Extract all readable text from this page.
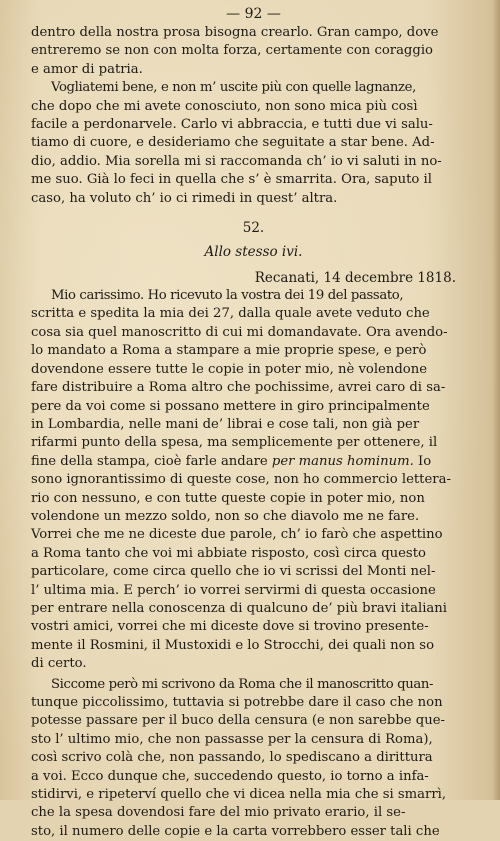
— 92 —
dentro della nostra prosa bisogna crearlo. Gran campo, dove
entreremo se non con molta forza, certamente con coraggio
e amor di patria.
Vogliatemi bene, e non m’ uscite più con quelle lagnanze,
che dopo che mi avete conosciuto, non sono mica più così
facile a perdonarvele. Carlo vi abbraccia, e tutti due vi salu-
tiamo di cuore, e desideriamo che seguitate a star bene. Ad-
dio, addio. Mia sorella mi si raccomanda ch’ io vi saluti in no-
me suo. Già lo feci in quella che s’ è smarrita. Ora, saputo il
caso, ha voluto ch’ io ci rimedi in quest’ altra.
52.
Allo stesso ivi.
Recanati, 14 decembre 1818.
Mio carissimo. Ho ricevuto la vostra dei 19 del passato,
scritta e spedita la mia dei 27, dalla quale avete veduto che
cosa sia quel manoscritto di cui mi domandavate. Ora avendo-
lo mandato a Roma a stampare a mie proprie spese, e però
dovendone essere tutte le copie in poter mio, nè volendone
fare distribuire a Roma altro che pochissime, avrei caro di sa-
pere da voi come si possano mettere in giro principalmente
in Lombardia, nelle mani de’ librai e cose tali, non già per
rifarmi punto della spesa, ma semplicemente per ottenere, il
fine della stampa, cioè farle andare per manus hominum. Io
sono ignorantissimo di queste cose, non ho commercio lettera-
rio con nessuno, e con tutte queste copie in poter mio, non
volendone un mezzo soldo, non so che diavolo me ne fare.
Vorrei che me ne diceste due parole, ch’ io farò che aspettino
a Roma tanto che voi mi abbiate risposto, così circa questo
particolare, come circa quello che io vi scrissi del Monti nel-
l’ ultima mia. E perch’ io vorrei servirmi di questa occasione
per entrare nella conoscenza di qualcuno de’ più bravi italiani
vostri amici, vorrei che mi diceste dove si trovino presente-
mente il Rosmini, il Mustoxidi e lo Strocchi, dei quali non so
di certo.
Siccome però mi scrivono da Roma che il manoscritto quan-
tunque piccolissimo, tuttavia si potrebbe dare il caso che non
potesse passare per il buco della censura (e non sarebbe que-
sto l’ ultimo mio, che non passasse per la censura di Roma),
così scrivo colà che, non passando, lo spediscano a dirittura
a voi. Ecco dunque che, succedendo questo, io torno a infa-
stidirvi, e ripeterví quello che vi dicea nella mia che si smarrì,
che la spesa dovendosi fare del mio privato erario, il se-
sto, il numero delle copie e la carta vorrebbero esser tali che
